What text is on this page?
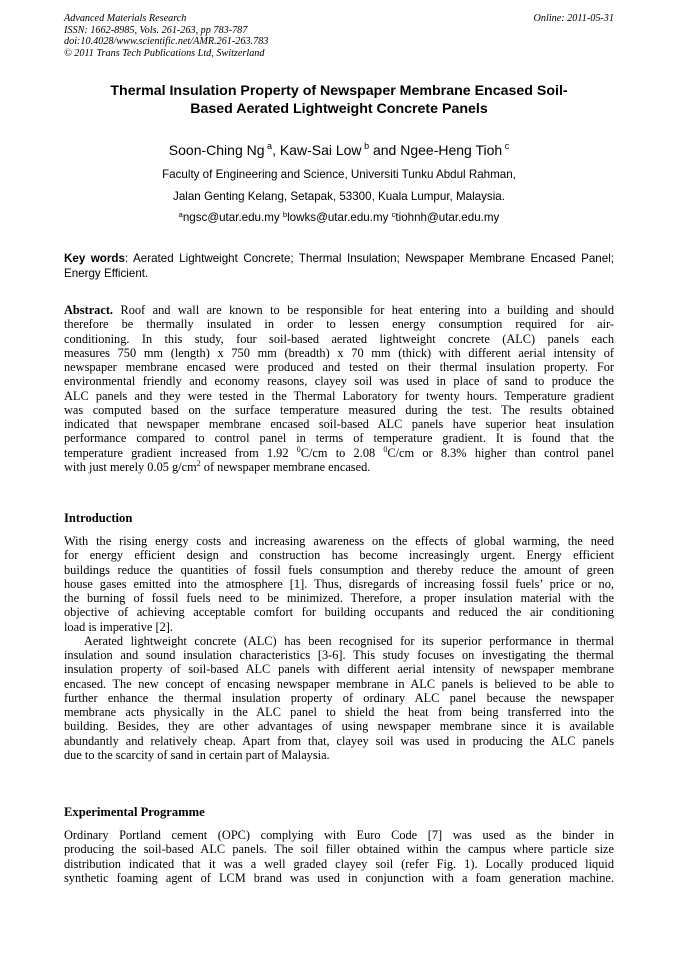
Advanced Materials Research
ISSN: 1662-8985, Vols. 261-263, pp 783-787
doi:10.4028/www.scientific.net/AMR.261-263.783
© 2011 Trans Tech Publications Ltd, Switzerland
Online: 2011-05-31
Thermal Insulation Property of Newspaper Membrane Encased Soil-
Based Aerated Lightweight Concrete Panels
Soon-Ching Ng $^a$, Kaw-Sai Low $^b$ and Ngee-Heng Tioh $^c$
Faculty of Engineering and Science, Universiti Tunku Abdul Rahman,
Jalan Genting Kelang, Setapak, 53300, Kuala Lumpur, Malaysia.
$^a$ngsc@utar.edu.my $^b$lowks@utar.edu.my $^c$tiohnh@utar.edu.my
Key words: Aerated Lightweight Concrete; Thermal Insulation; Newspaper Membrane Encased Panel; Energy Efficient.
Abstract. Roof and wall are known to be responsible for heat entering into a building and should
therefore be thermally insulated in order to lessen energy consumption required for air-
conditioning. In this study, four soil-based aerated lightweight concrete (ALC) panels each
measures 750 mm (length) x 750 mm (breadth) x 70 mm (thick) with different aerial intensity of
newspaper membrane encased were produced and tested on their thermal insulation property. For
environmental friendly and economy reasons, clayey soil was used in place of sand to produce the
ALC panels and they were tested in the Thermal Laboratory for twenty hours. Temperature gradient
was computed based on the surface temperature measured during the test. The results obtained
indicated that newspaper membrane encased soil-based ALC panels have superior heat insulation
performance compared to control panel in terms of temperature gradient. It is found that the
temperature gradient increased from 1.92 $^0$C/cm to 2.08 $^0$C/cm or 8.3% higher than control panel
with just merely 0.05 $g/cm^2$ of newspaper membrane encased.
Introduction
With the rising energy costs and increasing awareness on the effects of global warming, the need
for energy efficient design and construction has become increasingly urgent. Energy efficient
buildings reduce the quantities of fossil fuels consumption and thereby reduce the amount of green
house gases emitted into the atmosphere [1]. Thus, disregards of increasing fossil fuels’ price or no,
the burning of fossil fuels need to be minimized. Therefore, a proper insulation material with the
objective of achieving acceptable comfort for building occupants and reduced the air conditioning
load is imperative [2].
Aerated lightweight concrete (ALC) has been recognised for its superior performance in thermal
insulation and sound insulation characteristics [3-6]. This study focuses on investigating the thermal
insulation property of soil-based ALC panels with different aerial intensity of newspaper membrane
encased. The new concept of encasing newspaper membrane in ALC panels is believed to be able to
further enhance the thermal insulation property of ordinary ALC panel because the newspaper
membrane acts physically in the ALC panel to shield the heat from being transferred into the
building. Besides, they are other advantages of using newspaper membrane since it is available
abundantly and relatively cheap. Apart from that, clayey soil was used in producing the ALC panels
due to the scarcity of sand in certain part of Malaysia.
Experimental Programme
Ordinary Portland cement (OPC) complying with Euro Code [7] was used as the binder in
producing the soil-based ALC panels. The soil filler obtained within the campus where particle size
distribution indicated that it was a well graded clayey soil (refer Fig. 1). Locally produced liquid
synthetic foaming agent of LCM brand was used in conjunction with a foam generation machine.
